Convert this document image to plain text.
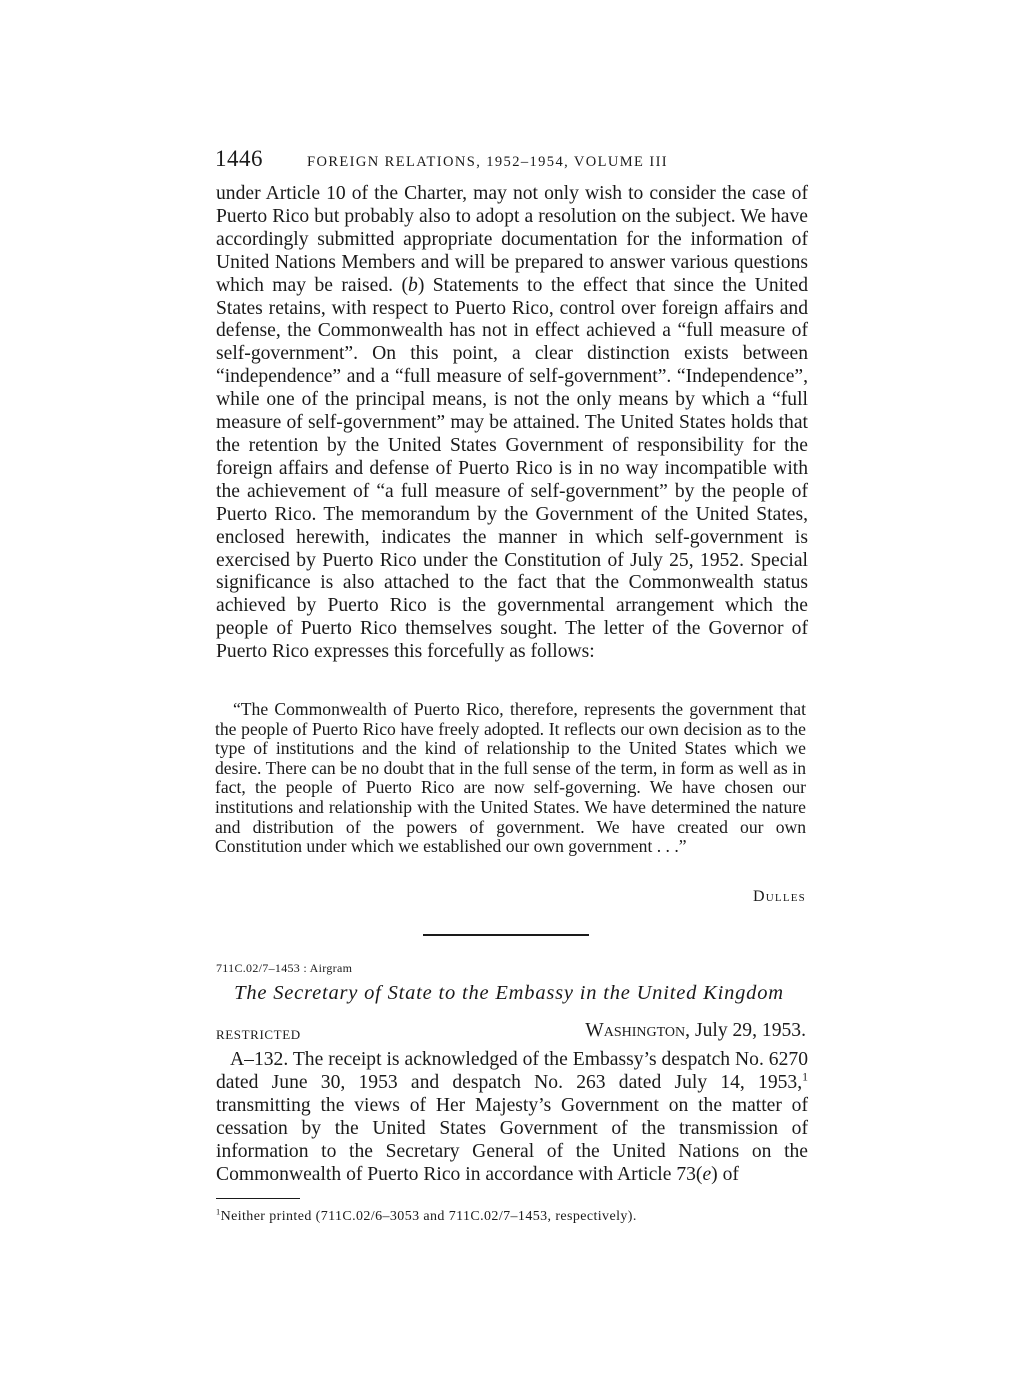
1446	FOREIGN RELATIONS, 1952–1954, VOLUME III

under Article 10 of the Charter, may not only wish to consider the case of Puerto Rico but probably also to adopt a resolution on the subject. We have accordingly submitted appropriate documentation for the information of United Nations Members and will be prepared to answer various questions which may be raised. (b) Statements to the effect that since the United States retains, with respect to Puerto Rico, control over foreign affairs and defense, the Commonwealth has not in effect achieved a “full measure of self-government”. On this point, a clear distinction exists between “independence” and a “full measure of self-government”. “Independence”, while one of the principal means, is not the only means by which a “full measure of self-government” may be attained. The United States holds that the retention by the United States Government of responsibility for the foreign affairs and defense of Puerto Rico is in no way incompatible with the achievement of “a full measure of self-government” by the people of Puerto Rico. The memorandum by the Government of the United States, enclosed herewith, indicates the manner in which self-government is exercised by Puerto Rico under the Constitution of July 25, 1952. Special significance is also attached to the fact that the Commonwealth status achieved by Puerto Rico is the governmental arrangement which the people of Puerto Rico themselves sought. The letter of the Governor of Puerto Rico expresses this forcefully as follows:

“The Commonwealth of Puerto Rico, therefore, represents the government that the people of Puerto Rico have freely adopted. It reflects our own decision as to the type of institutions and the kind of relationship to the United States which we desire. There can be no doubt that in the full sense of the term, in form as well as in fact, the people of Puerto Rico are now self-governing. We have chosen our institutions and relationship with the United States. We have determined the nature and distribution of the powers of government. We have created our own Constitution under which we established our own government . . .”

Dulles
711C.02/7–1453 : Airgram
The Secretary of State to the Embassy in the United Kingdom
RESTRICTED	Washington, July 29, 1953.

A–132. The receipt is acknowledged of the Embassy’s despatch No. 6270 dated June 30, 1953 and despatch No. 263 dated July 14, 1953,$^1$ transmitting the views of Her Majesty’s Government on the matter of cessation by the United States Government of the transmission of information to the Secretary General of the United Nations on the Commonwealth of Puerto Rico in accordance with Article 73(e) of

$^1$Neither printed (711C.02/6–3053 and 711C.02/7–1453, respectively).
